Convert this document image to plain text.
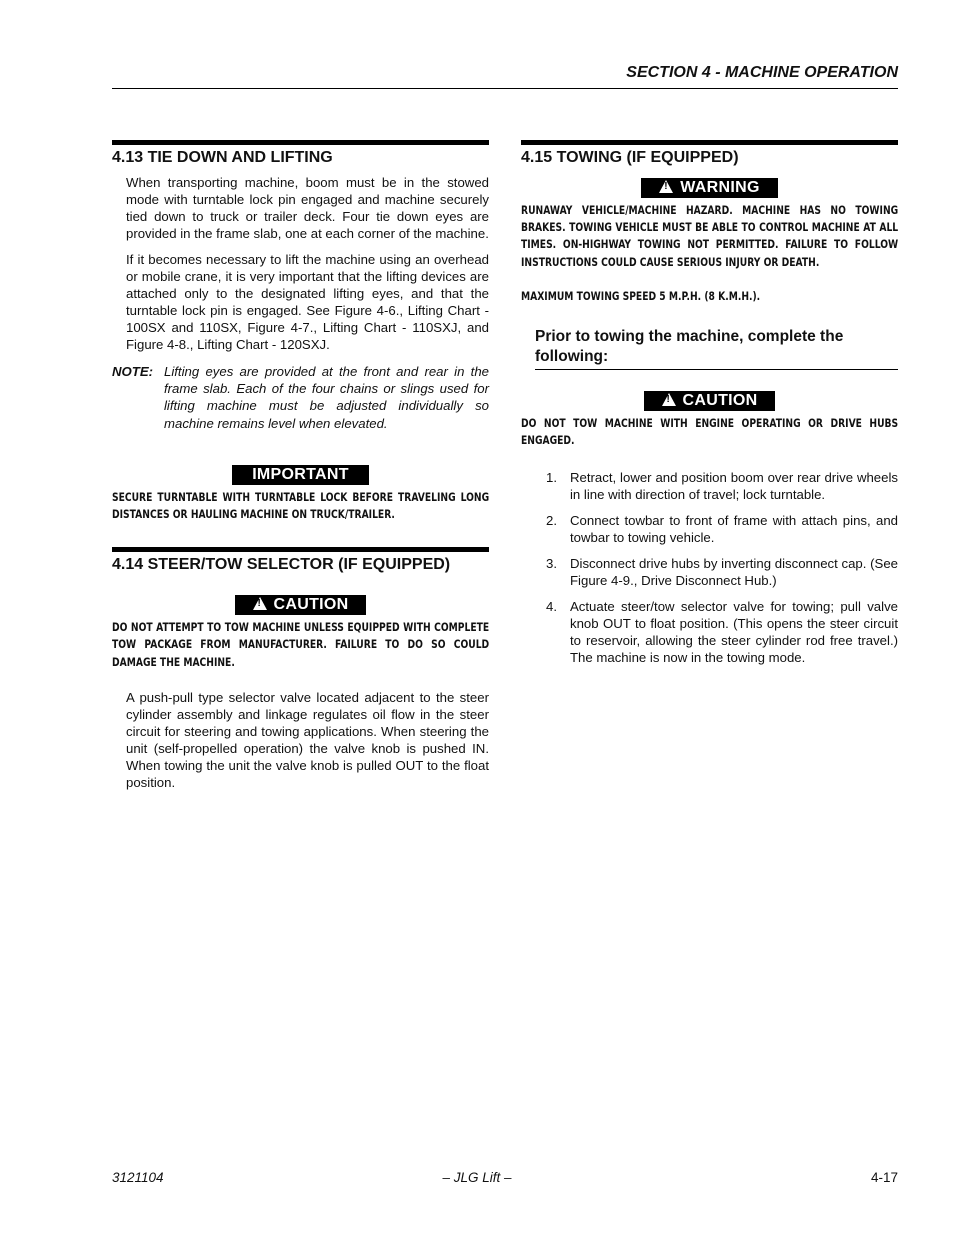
SECTION 4 - MACHINE OPERATION
4.13 TIE DOWN AND LIFTING

When transporting machine, boom must be in the stowed mode with turntable lock pin engaged and machine securely tied down to truck or trailer deck. Four tie down eyes are provided in the frame slab, one at each corner of the machine.

If it becomes necessary to lift the machine using an overhead or mobile crane, it is very important that the lifting devices are attached only to the designated lifting eyes, and that the turntable lock pin is engaged. See Figure 4-6., Lifting Chart - 100SX and 110SX, Figure 4-7., Lifting Chart - 110SXJ, and Figure 4-8., Lifting Chart - 120SXJ.

NOTE: Lifting eyes are provided at the front and rear in the frame slab. Each of the four chains or slings used for lifting machine must be adjusted individually so machine remains level when elevated.
IMPORTANT
SECURE TURNTABLE WITH TURNTABLE LOCK BEFORE TRAVELING LONG DISTANCES OR HAULING MACHINE ON TRUCK/TRAILER.
4.14 STEER/TOW SELECTOR (IF EQUIPPED)
!CAUTION
DO NOT ATTEMPT TO TOW MACHINE UNLESS EQUIPPED WITH COMPLETE TOW PACKAGE FROM MANUFACTURER. FAILURE TO DO SO COULD DAMAGE THE MACHINE.

A push-pull type selector valve located adjacent to the steer cylinder assembly and linkage regulates oil flow in the steer circuit for steering and towing applications. When steering the unit (self-propelled operation) the valve knob is pushed IN. When towing the unit the valve knob is pulled OUT to the float position.

4.15 TOWING (IF EQUIPPED)
!WARNING
RUNAWAY VEHICLE/MACHINE HAZARD. MACHINE HAS NO TOWING BRAKES. TOWING VEHICLE MUST BE ABLE TO CONTROL MACHINE AT ALL TIMES. ON-HIGHWAY TOWING NOT PERMITTED. FAILURE TO FOLLOW INSTRUCTIONS COULD CAUSE SERIOUS INJURY OR DEATH.
MAXIMUM TOWING SPEED 5 M.P.H. (8 K.M.H.).
Prior to towing the machine, complete the following:
!CAUTION
DO NOT TOW MACHINE WITH ENGINE OPERATING OR DRIVE HUBS ENGAGED.
1. Retract, lower and position boom over rear drive wheels in line with direction of travel; lock turntable.
2. Connect towbar to front of frame with attach pins, and towbar to towing vehicle.
3. Disconnect drive hubs by inverting disconnect cap. (See Figure 4-9., Drive Disconnect Hub.)
4. Actuate steer/tow selector valve for towing; pull valve knob OUT to float position. (This opens the steer circuit to reservoir, allowing the steer cylinder rod free travel.) The machine is now in the towing mode.
3121104	– JLG Lift –	4-17
